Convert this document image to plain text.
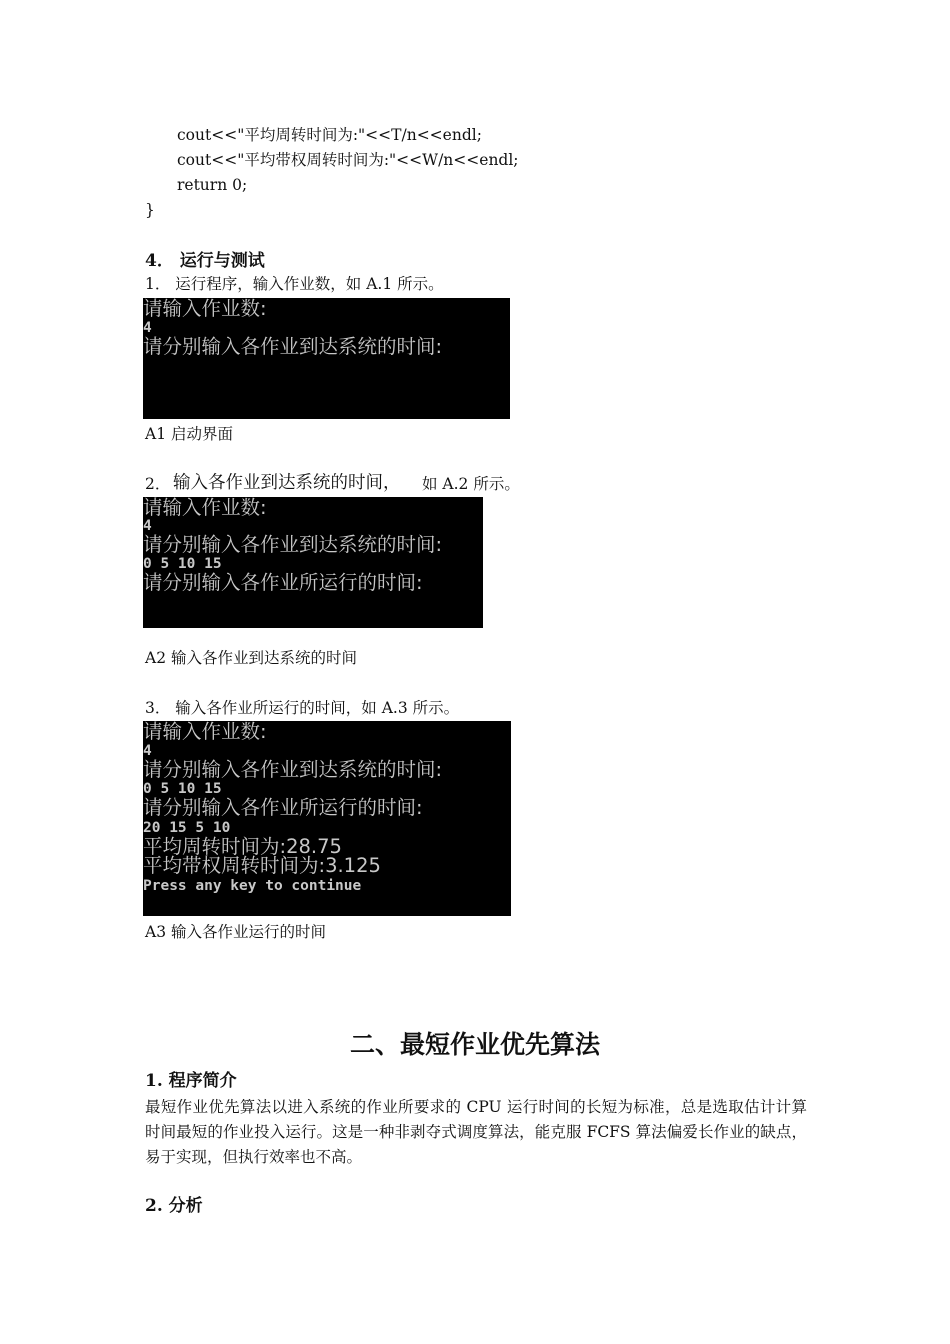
cout<<"平均周转时间为:"<<T/n<<endl;
cout<<"平均带权周转时间为:"<<W/n<<endl;
return 0;
}
4． 运行与测试
1． 运行程序，输入作业数，如 A.1 所示。
请输入作业数:
4
请分别输入各作业到达系统的时间:
A1 启动界面
2． 输入各作业到达系统的时间， 如 A.2 所示。
请输入作业数:
4
请分别输入各作业到达系统的时间:
0 5 10 15
请分别输入各作业所运行的时间:
A2 输入各作业到达系统的时间
3． 输入各作业所运行的时间，如 A.3 所示。
请输入作业数:
4
请分别输入各作业到达系统的时间:
0 5 10 15
请分别输入各作业所运行的时间:
20 15 5 10
平均周转时间为:28.75
平均带权周转时间为:3.125
Press any key to continue
A3 输入各作业运行的时间
二、最短作业优先算法
1. 程序简介
最短作业优先算法以进入系统的作业所要求的 CPU 运行时间的长短为标准，总是选取估计计算时间最短的作业投入运行。这是一种非剥夺式调度算法，能克服 FCFS 算法偏爱长作业的缺点，易于实现，但执行效率也不高。
2. 分析
